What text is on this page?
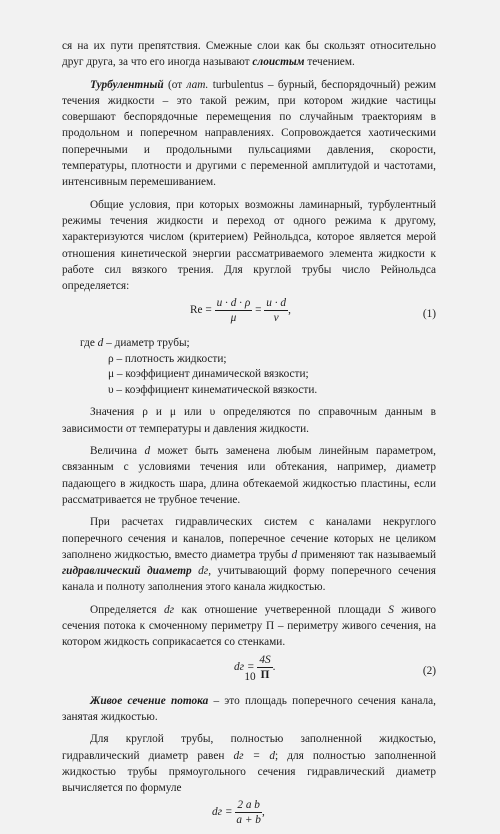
ся на их пути препятствия. Смежные слои как бы скользят относительно друг друга, за что его иногда называют слоистым течением.

Турбулентный (от лат. turbulentus – бурный, беспорядочный) режим течения жидкости – это такой режим, при котором жидкие частицы совершают беспорядочные перемещения по случайным траекториям в продольном и поперечном направлениях. Сопровождается хаотическими поперечными и продольными пульсациями давления, скорости, температуры, плотности и другими с переменной амплитудой и частотами, интенсивным перемешиванием.

Общие условия, при которых возможны ламинарный, турбулентный режимы течения жидкости и переход от одного режима к другому, характеризуются числом (критерием) Рейнольдса, которое является мерой отношения кинетической энергии рассматриваемого элемента жидкости к работе сил вязкого трения. Для круглой трубы число Рейнольдса определяется:

$Re = \frac{u \cdot d \cdot \rho}{\mu} = \frac{u \cdot d}{\nu}$ ,	(1)
где d – диаметр трубы;
ρ – плотность жидкости;
μ – коэффициент динамической вязкости;
υ – коэффициент кинематической вязкости.

Значения ρ и μ или υ определяются по справочным данным в зависимости от температуры и давления жидкости.

Величина d может быть заменена любым линейным параметром, связанным с условиями течения или обтекания, например, диаметр падающего в жидкость шара, длина обтекаемой жидкостью пластины, если рассматривается не трубное течение.

При расчетах гидравлических систем с каналами некруглого поперечного сечения и каналов, поперечное сечение которых не целиком заполнено жидкостью, вместо диаметра трубы d применяют так называемый гидравлический диаметр dг, учитывающий форму поперечного сечения канала и полноту заполнения этого канала жидкостью.

Определяется dг как отношение учетверенной площади S живого сечения потока к смоченному периметру П – периметру живого сечения, на котором жидкость соприкасается со стенками.

dг = $\frac{4S}{П}$ .	(2)

Живое сечение потока – это площадь поперечного сечения канала, занятая жидкостью.

Для круглой трубы, полностью заполненной жидкостью, гидравлический диаметр равен dг = d; для полностью заполненной жидкостью трубы прямоугольного сечения гидравлический диаметр вычисляется по формуле

dг = $\frac{\text{2 a b}}{a + b}$ ,
10
